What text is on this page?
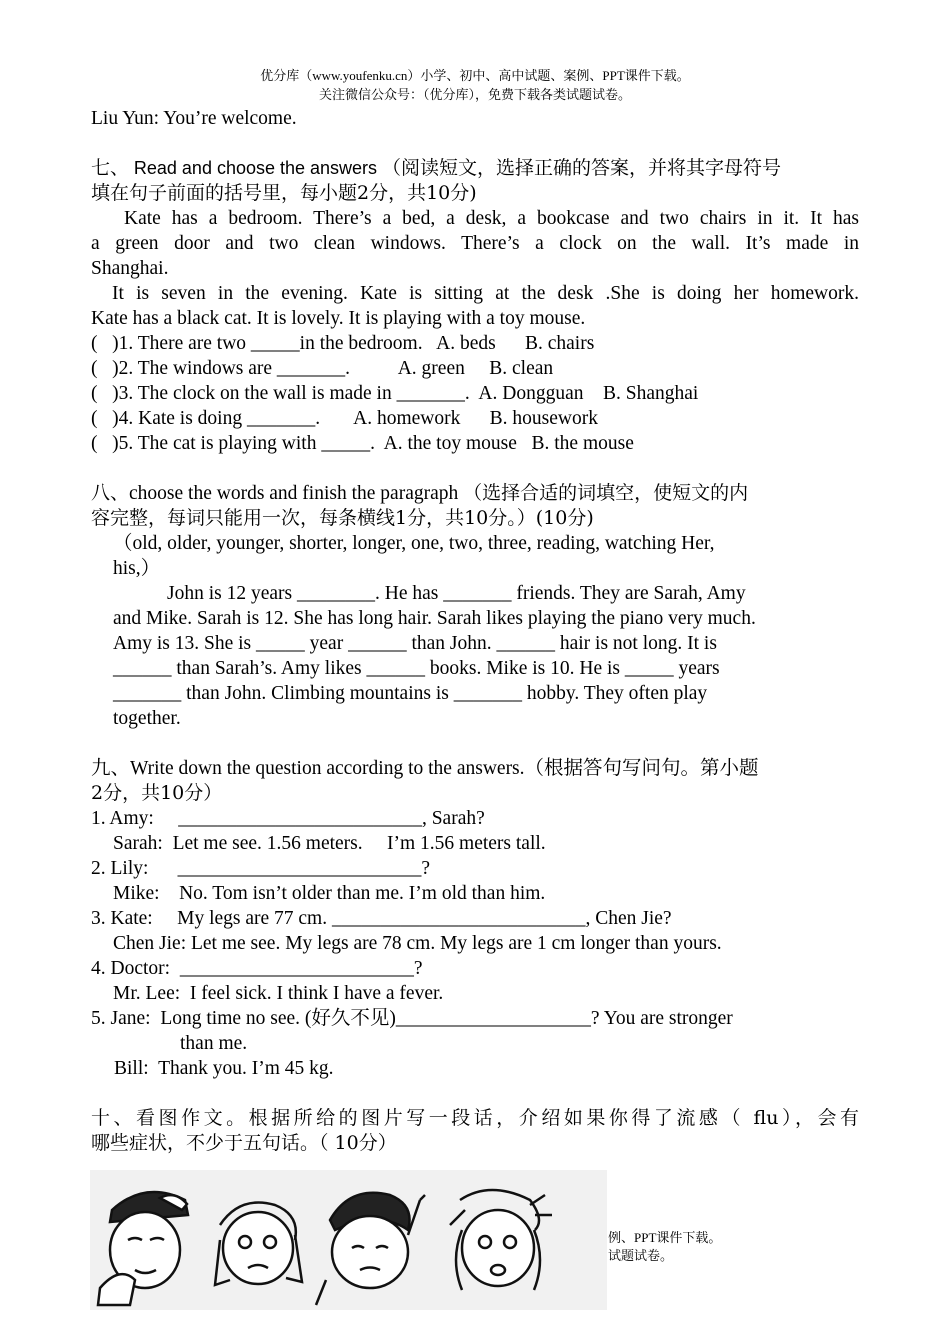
优分库（www.youfenku.cn）小学、初中、高中试题、案例、PPT课件下载。
关注微信公众号：（优分库），免费下载各类试题试卷。
Liu Yun: You’re welcome.
七、 Read and choose the answers （阅读短文，选择正确的答案，并将其字母符号
填在句子前面的括号里，每小题2分，共10分)
Kate has a bedroom. There’s a bed, a desk, a bookcase and two chairs in it. It has
a green door and two clean windows. There’s a clock on the wall. It’s made in
Shanghai.
It is seven in the evening. Kate is sitting at the desk .She is doing her homework.
Kate has a black cat. It is lovely. It is playing with a toy mouse.
(   )1. There are two _____in the bedroom.   A. beds      B. chairs
(   )2. The windows are _______.          A. green     B. clean
(   )3. The clock on the wall is made in _______.  A. Dongguan    B. Shanghai
(   )4. Kate is doing _______.       A. homework      B. housework
(   )5. The cat is playing with _____.  A. the toy mouse   B. the mouse
八、choose the words and finish the paragraph （选择合适的词填空，使短文的内
容完整，每词只能用一次，每条横线1分，共10分。）(10分)
（old, older, younger, shorter, longer, one, two, three, reading, watching Her,
his,）
John is 12 years ________. He has _______ friends. They are Sarah, Amy
and Mike. Sarah is 12. She has long hair. Sarah likes playing the piano very much.
Amy is 13. She is _____ year ______ than John. ______ hair is not long. It is
______ than Sarah’s. Amy likes ______ books. Mike is 10. He is _____ years
_______ than John. Climbing mountains is _______ hobby. They often play
together.
九、Write down the question according to the answers.（根据答句写问句。第小题
2分，共10分）
1. Amy:     _________________________, Sarah?
Sarah:  Let me see. 1.56 meters.     I’m 1.56 meters tall.
2. Lily:      _________________________?
Mike:    No. Tom isn’t older than me. I’m old than him.
3. Kate:     My legs are 77 cm. __________________________, Chen Jie?
Chen Jie: Let me see. My legs are 78 cm. My legs are 1 cm longer than yours.
4. Doctor:  ________________________?
Mr. Lee:  I feel sick. I think I have a fever.
5. Jane:  Long time no see. (好久不见)____________________? You are stronger
than me.
Bill:  Thank you. I’m 45 kg.
十、看图作文。根据所给的图片写一段话，介绍如果你得了流感（ flu），会有
哪些症状，不少于五句话。（ 10分）
例、PPT课件下载。
试题试卷。
